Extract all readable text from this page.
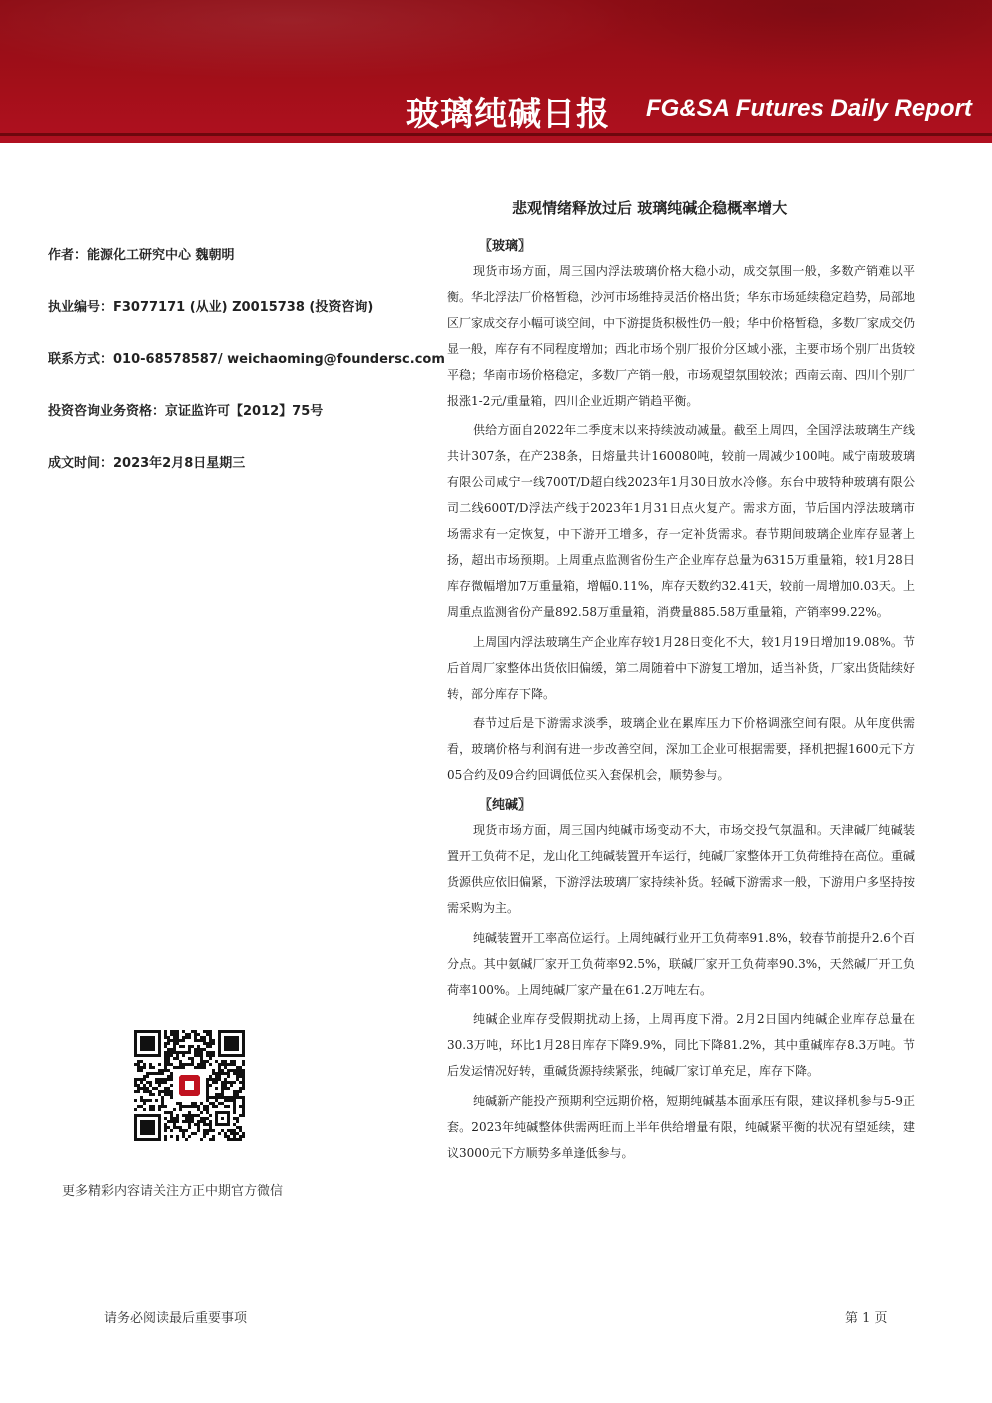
玻璃纯碱日报 FG&SA Futures Daily Report
悲观情绪释放过后 玻璃纯碱企稳概率增大
作者：能源化工研究中心 魏朝明
执业编号：F3077171 (从业) Z0015738 (投资咨询)
联系方式：010-68578587/ weichaoming@foundersc.com
投资咨询业务资格：京证监许可【2012】75号
成文时间：2023年2月8日星期三
更多精彩内容请关注方正中期官方微信
〖玻璃〗

现货市场方面，周三国内浮法玻璃价格大稳小动，成交氛围一般，多数产销难以平衡。华北浮法厂价格暂稳，沙河市场维持灵活价格出货；华东市场延续稳定趋势，局部地区厂家成交存小幅可谈空间，中下游提货积极性仍一般；华中价格暂稳，多数厂家成交仍显一般，库存有不同程度增加；西北市场个别厂报价分区域小涨，主要市场个别厂出货较平稳；华南市场价格稳定，多数厂产销一般，市场观望氛围较浓；西南云南、四川个别厂报涨1-2元/重量箱，四川企业近期产销趋平衡。

供给方面自2022年二季度末以来持续波动减量。截至上周四，全国浮法玻璃生产线共计307条，在产238条，日熔量共计160080吨，较前一周减少100吨。咸宁南玻玻璃有限公司咸宁一线700T/D超白线2023年1月30日放水冷修。东台中玻特种玻璃有限公司二线600T/D浮法产线于2023年1月31日点火复产。需求方面，节后国内浮法玻璃市场需求有一定恢复，中下游开工增多，存一定补货需求。春节期间玻璃企业库存显著上扬，超出市场预期。上周重点监测省份生产企业库存总量为6315万重量箱，较1月28日库存微幅增加7万重量箱，增幅0.11%，库存天数约32.41天，较前一周增加0.03天。上周重点监测省份产量892.58万重量箱，消费量885.58万重量箱，产销率99.22%。

上周国内浮法玻璃生产企业库存较1月28日变化不大，较1月19日增加19.08%。节后首周厂家整体出货依旧偏缓，第二周随着中下游复工增加，适当补货，厂家出货陆续好转，部分库存下降。

春节过后是下游需求淡季，玻璃企业在累库压力下价格调涨空间有限。从年度供需看，玻璃价格与利润有进一步改善空间，深加工企业可根据需要，择机把握1600元下方05合约及09合约回调低位买入套保机会，顺势参与。

〖纯碱〗

现货市场方面，周三国内纯碱市场变动不大，市场交投气氛温和。天津碱厂纯碱装置开工负荷不足，龙山化工纯碱装置开车运行，纯碱厂家整体开工负荷维持在高位。重碱货源供应依旧偏紧，下游浮法玻璃厂家持续补货。轻碱下游需求一般，下游用户多坚持按需采购为主。

纯碱装置开工率高位运行。上周纯碱行业开工负荷率91.8%，较春节前提升2.6个百分点。其中氨碱厂家开工负荷率92.5%，联碱厂家开工负荷率90.3%，天然碱厂开工负荷率100%。上周纯碱厂家产量在61.2万吨左右。

纯碱企业库存受假期扰动上扬，上周再度下滑。2月2日国内纯碱企业库存总量在30.3万吨，环比1月28日库存下降9.9%，同比下降81.2%，其中重碱库存8.3万吨。节后发运情况好转，重碱货源持续紧张，纯碱厂家订单充足，库存下降。

纯碱新产能投产预期利空远期价格，短期纯碱基本面承压有限，建议择机参与5-9正套。2023年纯碱整体供需两旺而上半年供给增量有限，纯碱紧平衡的状况有望延续，建议3000元下方顺势多单逢低参与。

请务必阅读最后重要事项	第 1 页
